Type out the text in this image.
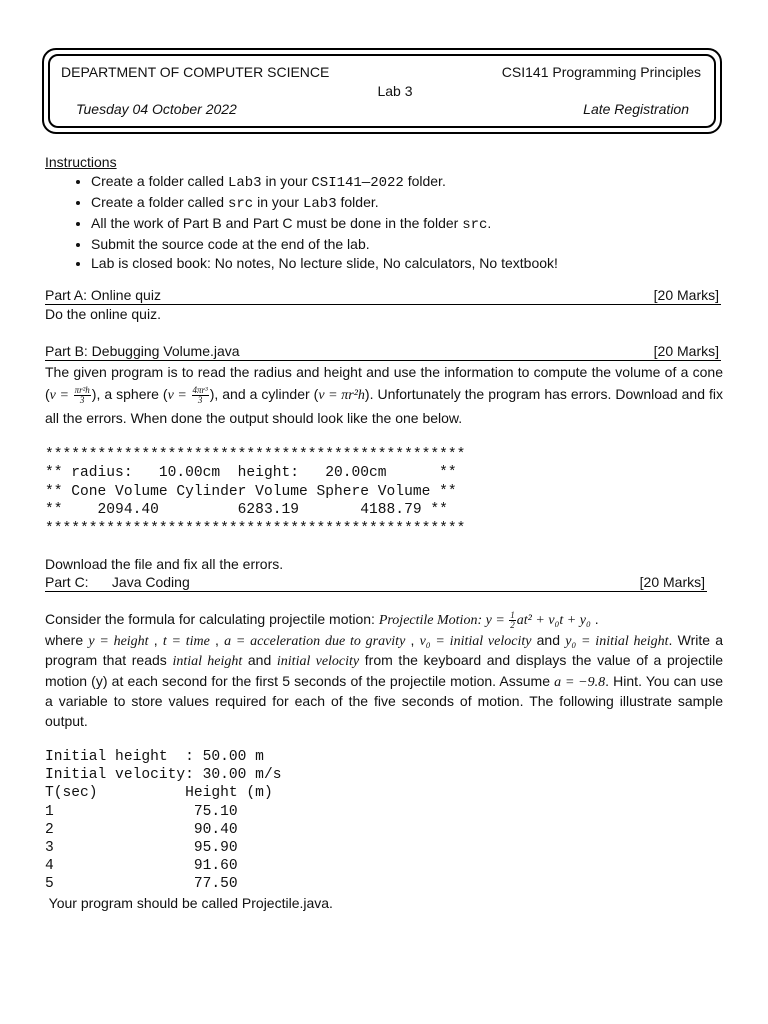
DEPARTMENT OF COMPUTER SCIENCE	CSI141 Programming Principles
Lab 3
Tuesday 04 October 2022	Late Registration
Instructions
• Create a folder called Lab3 in your CSI141—2022 folder.
• Create a folder called src in your Lab3 folder.
• All the work of Part B and Part C must be done in the folder src.
• Submit the source code at the end of the lab.
• Lab is closed book: No notes, No lecture slide, No calculators, No textbook!
Part A: Online quiz	[20 Marks]
Do the online quiz.
Part B: Debugging Volume.java	[20 Marks]
The given program is to read the radius and height and use the information to compute the volume of a cone ($v = \frac{\text{πr²h}}{3}$ ), a sphere ($v = \frac{\text{4πr³}}{3}$ ), and a cylinder (v = πr²h). Unfortunately the program has errors. Download and fix all the errors. When done the output should look like the one below.
************************************************
** radius:   10.00cm  height:   20.00cm      **
** Cone Volume Cylinder Volume Sphere Volume **
**    2094.40         6283.19       4188.79 **
************************************************
Download the file and fix all the errors.
Part C:      Java Coding	[20 Marks]
Consider the formula for calculating projectile motion: Projectile Motion: $y = \frac{1}{2} at^2 + v_0t + y_0$ .
where y = height , t = time , a = acceleration due to gravity , v₀ = initial velocity and y₀ = initial height. Write a program that reads intial height and initial velocity from the keyboard and displays the value of a projectile motion (y) at each second for the first 5 seconds of the projectile motion. Assume a = −9.8. Hint. You can use a variable to store values required for each of the five seconds of motion. The following illustrate sample output.
Initial height  : 50.00 m
Initial velocity: 30.00 m/s
T(sec)          Height (m)
1                75.10
2                90.40
3                95.90
4                91.60
5                77.50
Your program should be called Projectile.java.
